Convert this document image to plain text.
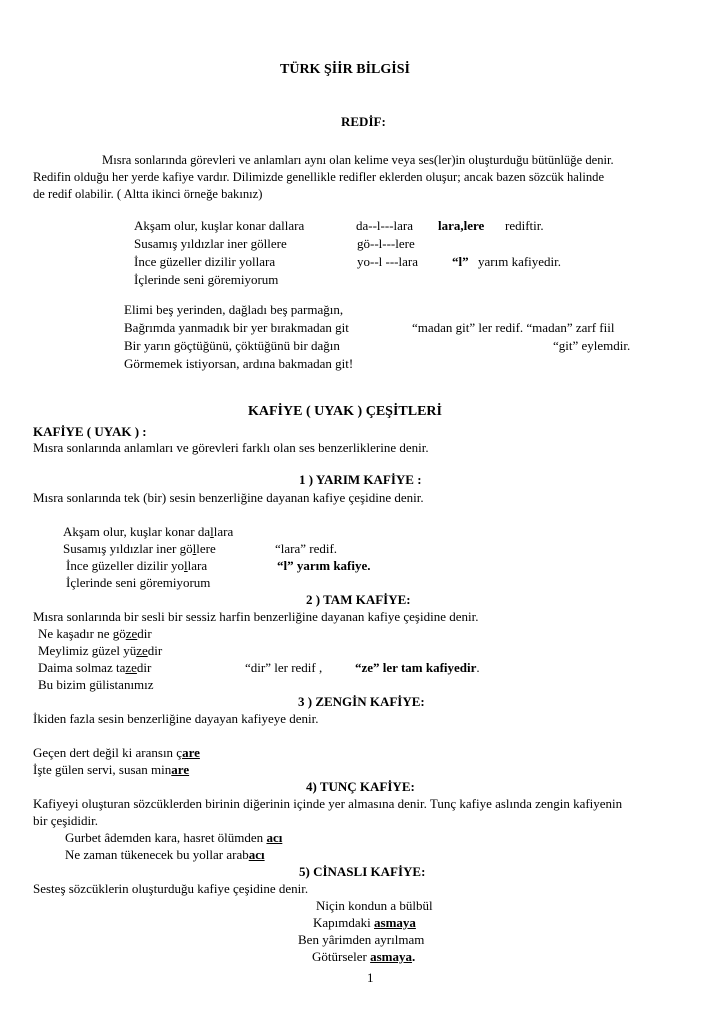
TÜRK ŞİİR BİLGİSİ
REDİF:
Mısra sonlarında görevleri ve anlamları aynı olan kelime veya ses(ler)in oluşturduğu bütünlüğe denir.
Redifin olduğu her yerde kafiye vardır. Dilimizde genellikle redifler eklerden oluşur; ancak bazen sözcük halinde
de redif olabilir. ( Altta ikinci örneğe bakınız)
Akşam olur, kuşlar konar dallara
Susamış yıldızlar iner göllere
İnce güzeller dizilir yollara
İçlerinde seni göremiyorum
da--l---lara lara,lere rediftir.
gö--l---lere
yo--l ---lara	“l” yarım kafiyedir.
Elimi beş yerinden, dağladı beş parmağın,
Bağrımda yanmadık bir yer bırakmadan git
Bir yarın göçtüğünü, çöktüğünü bir dağın
Görmemek istiyorsan, ardına bakmadan git!
“madan git” ler redif. “madan” zarf fiil
“git” eylemdir.
KAFİYE ( UYAK ) ÇEŞİTLERİ
KAFİYE ( UYAK ) :
Mısra sonlarında anlamları ve görevleri farklı olan ses benzerliklerine denir.
1 ) YARIM KAFİYE :
Mısra sonlarında tek (bir) sesin benzerliğine dayanan kafiye çeşidine denir.
Akşam olur, kuşlar konar dallara
Susamış yıldızlar iner göllere
İnce güzeller dizilir yollara
İçlerinde seni göremiyorum
“lara” redif.
“l” yarım kafiye.
2 ) TAM KAFİYE:
Mısra sonlarında bir sesli bir sessiz harfin benzerliğine dayanan kafiye çeşidine denir.
Ne kaşadır ne gözedir
Meylimiz güzel yüzedir
Daima solmaz tazedir
Bu bizim gülistanımız
“dir” ler redif ,	“ze” ler tam kafiyedir.
3 ) ZENGİN KAFİYE:
İkiden fazla sesin benzerliğine dayayan kafiyeye denir.
Geçen dert değil ki aransın çare
İşte gülen servi, susan minare
4) TUNÇ KAFİYE:
Kafiyeyi oluşturan sözcüklerden birinin diğerinin içinde yer almasına denir. Tunç kafiye aslında zengin kafiyenin
bir çeşididir.
Gurbet âdemden kara, hasret ölümden acı
Ne zaman tükenecek bu yollar arabacı
5) CİNASLI KAFİYE:
Sesteş sözcüklerin oluşturduğu kafiye çeşidine denir.
Niçin kondun a bülbül
Kapımdaki asmaya
Ben yârimden ayrılmam
Götürseler asmaya.
1
